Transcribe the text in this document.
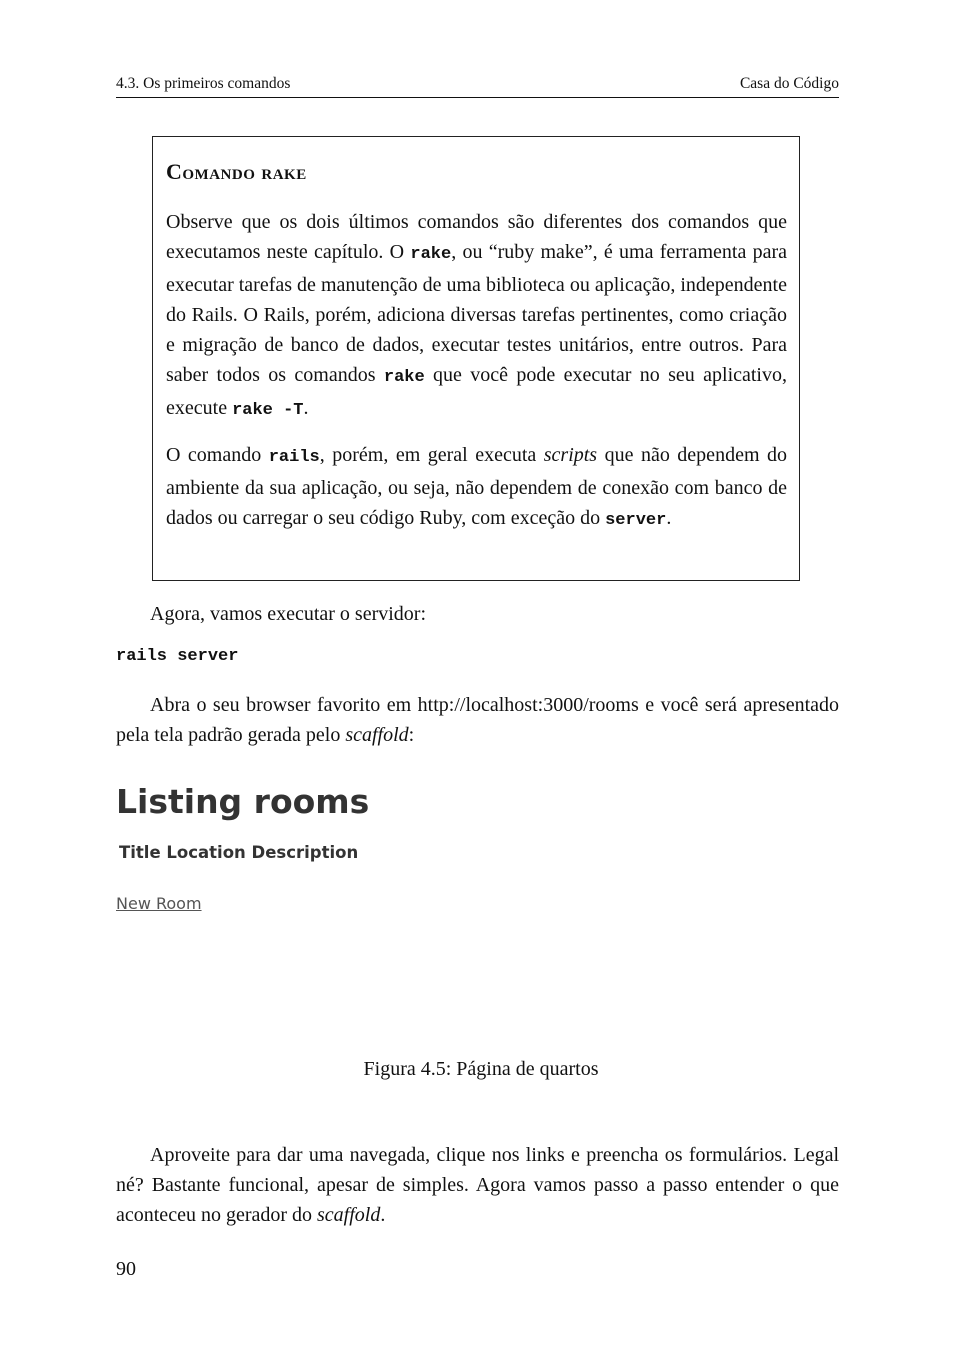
4.3. Os primeiros comandos	Casa do Código
Comando rake

Observe que os dois últimos comandos são diferentes dos comandos que executamos neste capítulo. O rake, ou “ruby make”, é uma ferramenta para executar tarefas de manutenção de uma biblioteca ou aplicação, independente do Rails. O Rails, porém, adiciona diversas tarefas pertinentes, como criação e migração de banco de dados, executar testes unitários, entre outros. Para saber todos os comandos rake que você pode executar no seu aplicativo, execute rake -T.

O comando rails, porém, em geral executa scripts que não dependem do ambiente da sua aplicação, ou seja, não dependem de conexão com banco de dados ou carregar o seu código Ruby, com exceção do server.

Agora, vamos executar o servidor:

rails server

Abra o seu browser favorito em http://localhost:3000/rooms e você será apresentado pela tela padrão gerada pelo scaffold:

Listing rooms
Title Location Description
New Room
Figura 4.5: Página de quartos

Aproveite para dar uma navegada, clique nos links e preencha os formulários. Legal né? Bastante funcional, apesar de simples. Agora vamos passo a passo entender o que aconteceu no gerador do scaffold.

90
